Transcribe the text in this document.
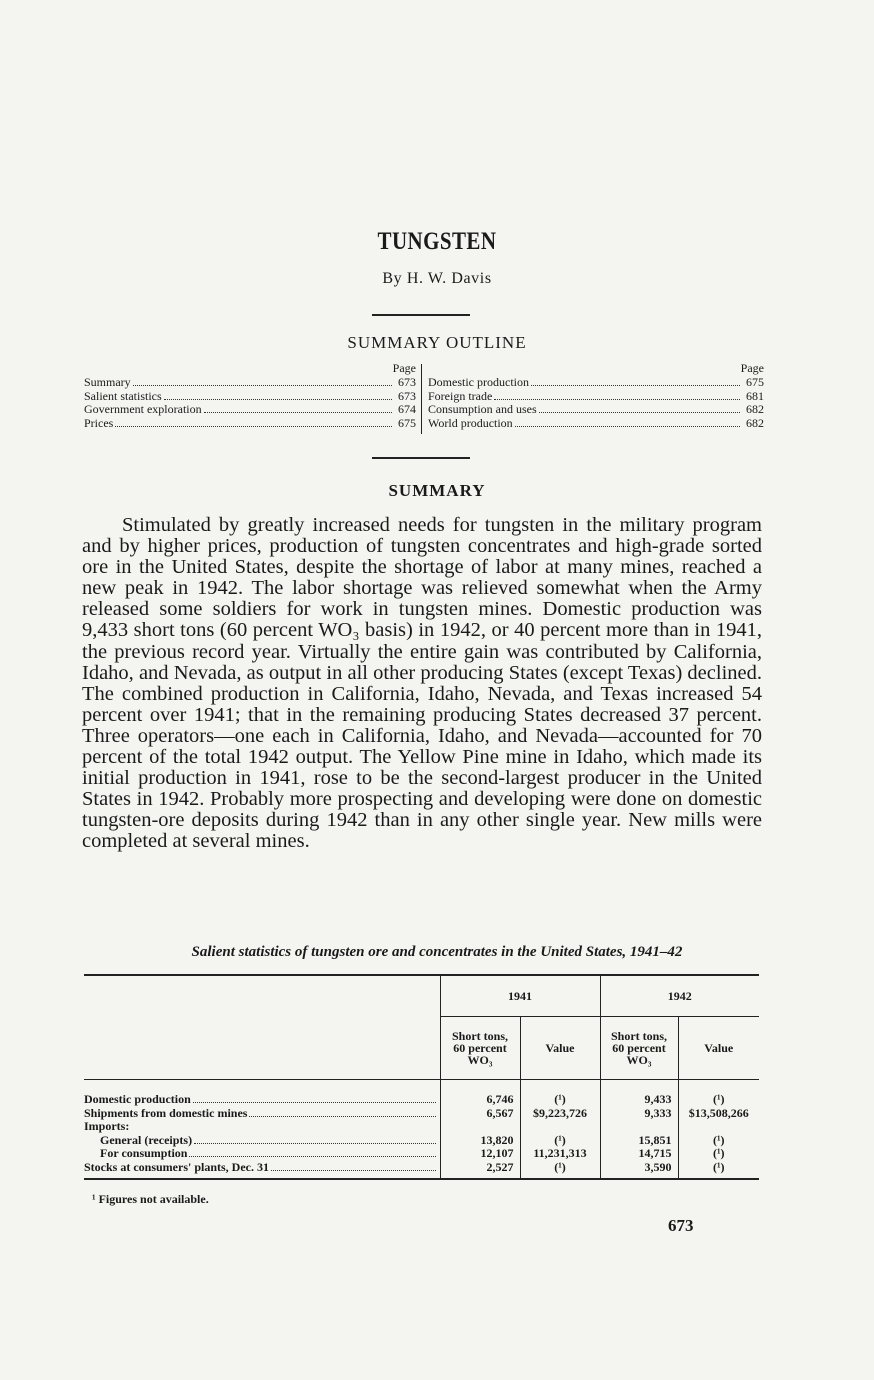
TUNGSTEN
By H. W. Davis
SUMMARY OUTLINE
Page
Summary	673
Salient statistics	673
Government exploration	674
Prices	675
Page
Domestic production	675
Foreign trade	681
Consumption and uses	682
World production	682
SUMMARY

Stimulated by greatly increased needs for tungsten in the military program and by higher prices, production of tungsten concentrates and high-grade sorted ore in the United States, despite the shortage of labor at many mines, reached a new peak in 1942. The labor shortage was relieved somewhat when the Army released some soldiers for work in tungsten mines. Domestic production was 9,433 short tons (60 percent WO₃ basis) in 1942, or 40 percent more than in 1941, the previous record year. Virtually the entire gain was contributed by California, Idaho, and Nevada, as output in all other producing States (except Texas) declined. The combined production in California, Idaho, Nevada, and Texas increased 54 percent over 1941; that in the remaining producing States decreased 37 percent. Three operators—one each in California, Idaho, and Nevada—accounted for 70 percent of the total 1942 output. The Yellow Pine mine in Idaho, which made its initial production in 1941, rose to be the second-largest producer in the United States in 1942. Probably more prospecting and developing were done on domestic tungsten-ore deposits during 1942 than in any other single year. New mills were completed at several mines.

Salient statistics of tungsten ore and concentrates in the United States, 1941–42

	1941		1942	
	Short tons, 60 percent WO₃	Value	Short tons, 60 percent WO₃	Value

Domestic production	6,746	(¹)	9,433	(¹)

Shipments from domestic mines	6,567	$9,223,726	9,333	$13,508,266

Imports:				

General (receipts)	13,820	(¹)	15,851	(¹)

For consumption	12,107	11,231,313	14,715	(¹)

Stocks at consumers' plants, Dec. 31	2,527	(¹)	3,590	(¹)

¹ Figures not available.
673
